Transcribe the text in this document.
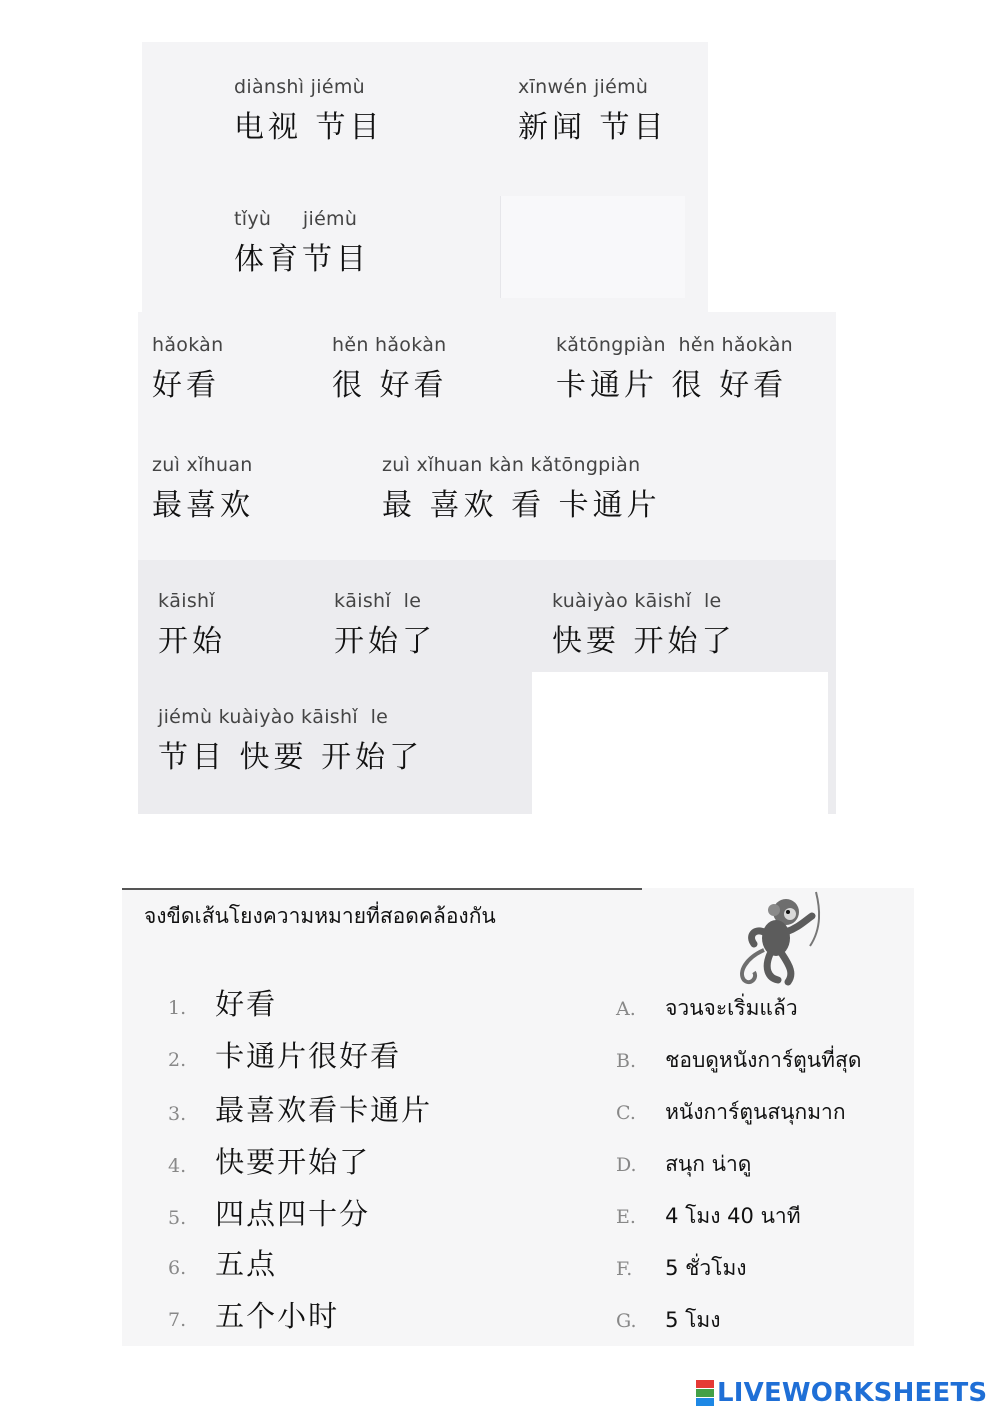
diànshì jiémù
电视 节目
xīnwén jiémù
新闻 节目
tǐyù     jiémù
体育节目
hǎokàn
好看
hěn hǎokàn
很 好看
kǎtōngpiàn  hěn hǎokàn
卡通片 很 好看
zuì xǐhuan
最喜欢
zuì xǐhuan kàn kǎtōngpiàn
最 喜欢 看 卡通片
kāishǐ
开始
kāishǐ  le
开始了
kuàiyào kāishǐ  le
快要 开始了
jiémù kuàiyào kāishǐ  le
节目 快要 开始了
จงขีดเส้นโยงความหมายที่สอดคล้องกัน
1. 好看
2. 卡通片很好看
3. 最喜欢看卡通片
4. 快要开始了
5. 四点四十分
6. 五点
7. 五个小时
A. จวนจะเริ่มแล้ว
B. ชอบดูหนังการ์ตูนที่สุด
C. หนังการ์ตูนสนุกมาก
D. สนุก น่าดู
E. 4 โมง 40 นาที
F. 5 ชั่วโมง
G. 5 โมง
LIVEWORKSHEETS
